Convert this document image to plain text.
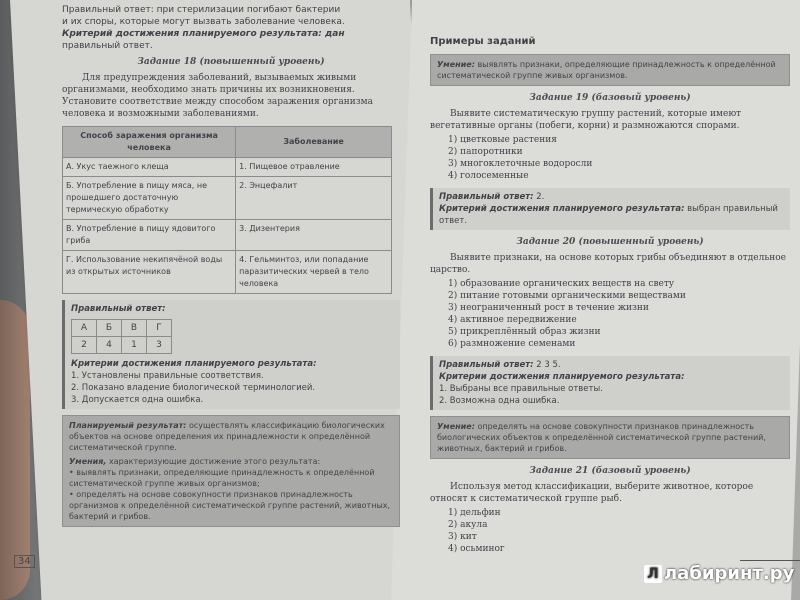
Правильный ответ: при стерилизации погибают бактерии
и их споры, которые могут вызвать заболевание человека.
Критерий достижения планируемого результата: дан
правильный ответ.
Задание 18 (повышенный уровень)
Для предупреждения заболеваний, вызываемых живыми организмами, необходимо знать причины их возникновения. Установите соответствие между способом заражения организма человека и возможными заболеваниями.
Способ заражения организма человека	Заболевание
А. Укус таежного клеща	1. Пищевое отравление
Б. Употребление в пищу мяса, не прошедшего достаточную термическую обработку	2. Энцефалит
В. Употребление в пищу ядовитого гриба	3. Дизентерия
Г. Использование некипячёной воды из открытых источников	4. Гельминтоз, или попадание паразитических червей в тело человека
Правильный ответ:
А	Б	В	Г
2	4	1	3
Критерии достижения планируемого результата:
1. Установлены правильные соответствия.
2. Показано владение биологической терминологией.
3. Допускается одна ошибка.
Планируемый результат: осуществлять классификацию биологических объектов на основе определения их принадлежности к определённой систематической группе.
Умения, характеризующие достижение этого результата:
• выявлять признаки, определяющие принадлежность к определённой систематической группе живых организмов;
• определять на основе совокупности признаков принадлежность организмов к определённой систематической группе растений, животных, бактерий и грибов.
Примеры заданий
Умение: выявлять признаки, определяющие принадлежность к определённой систематической группе живых организмов.
Задание 19 (базовый уровень)
Выявите систематическую группу растений, которые имеют вегетативные органы (побеги, корни) и размножаются спорами.
1) цветковые растения
2) папоротники
3) многоклеточные водоросли
4) голосеменные
Правильный ответ: 2.
Критерий достижения планируемого результата: выбран правильный ответ.
Задание 20 (повышенный уровень)
Выявите признаки, на основе которых грибы объединяют в отдельное царство.
1) образование органических веществ на свету
2) питание готовыми органическими веществами
3) неограниченный рост в течение жизни
4) активное передвижение
5) прикреплённый образ жизни
6) размножение семенами
Правильный ответ: 2 3 5.
Критерии достижения планируемого результата:
1. Выбраны все правильные ответы.
2. Возможна одна ошибка.
Умение: определять на основе совокупности признаков принадлежность биологических объектов к определённой систематической группе растений, животных, бактерий и грибов.
Задание 21 (базовый уровень)
Используя метод классификации, выберите животное, которое относят к систематической группе рыб.
1) дельфин
2) акула
3) кит
4) осьминог
34
Л лабиринт.ру
